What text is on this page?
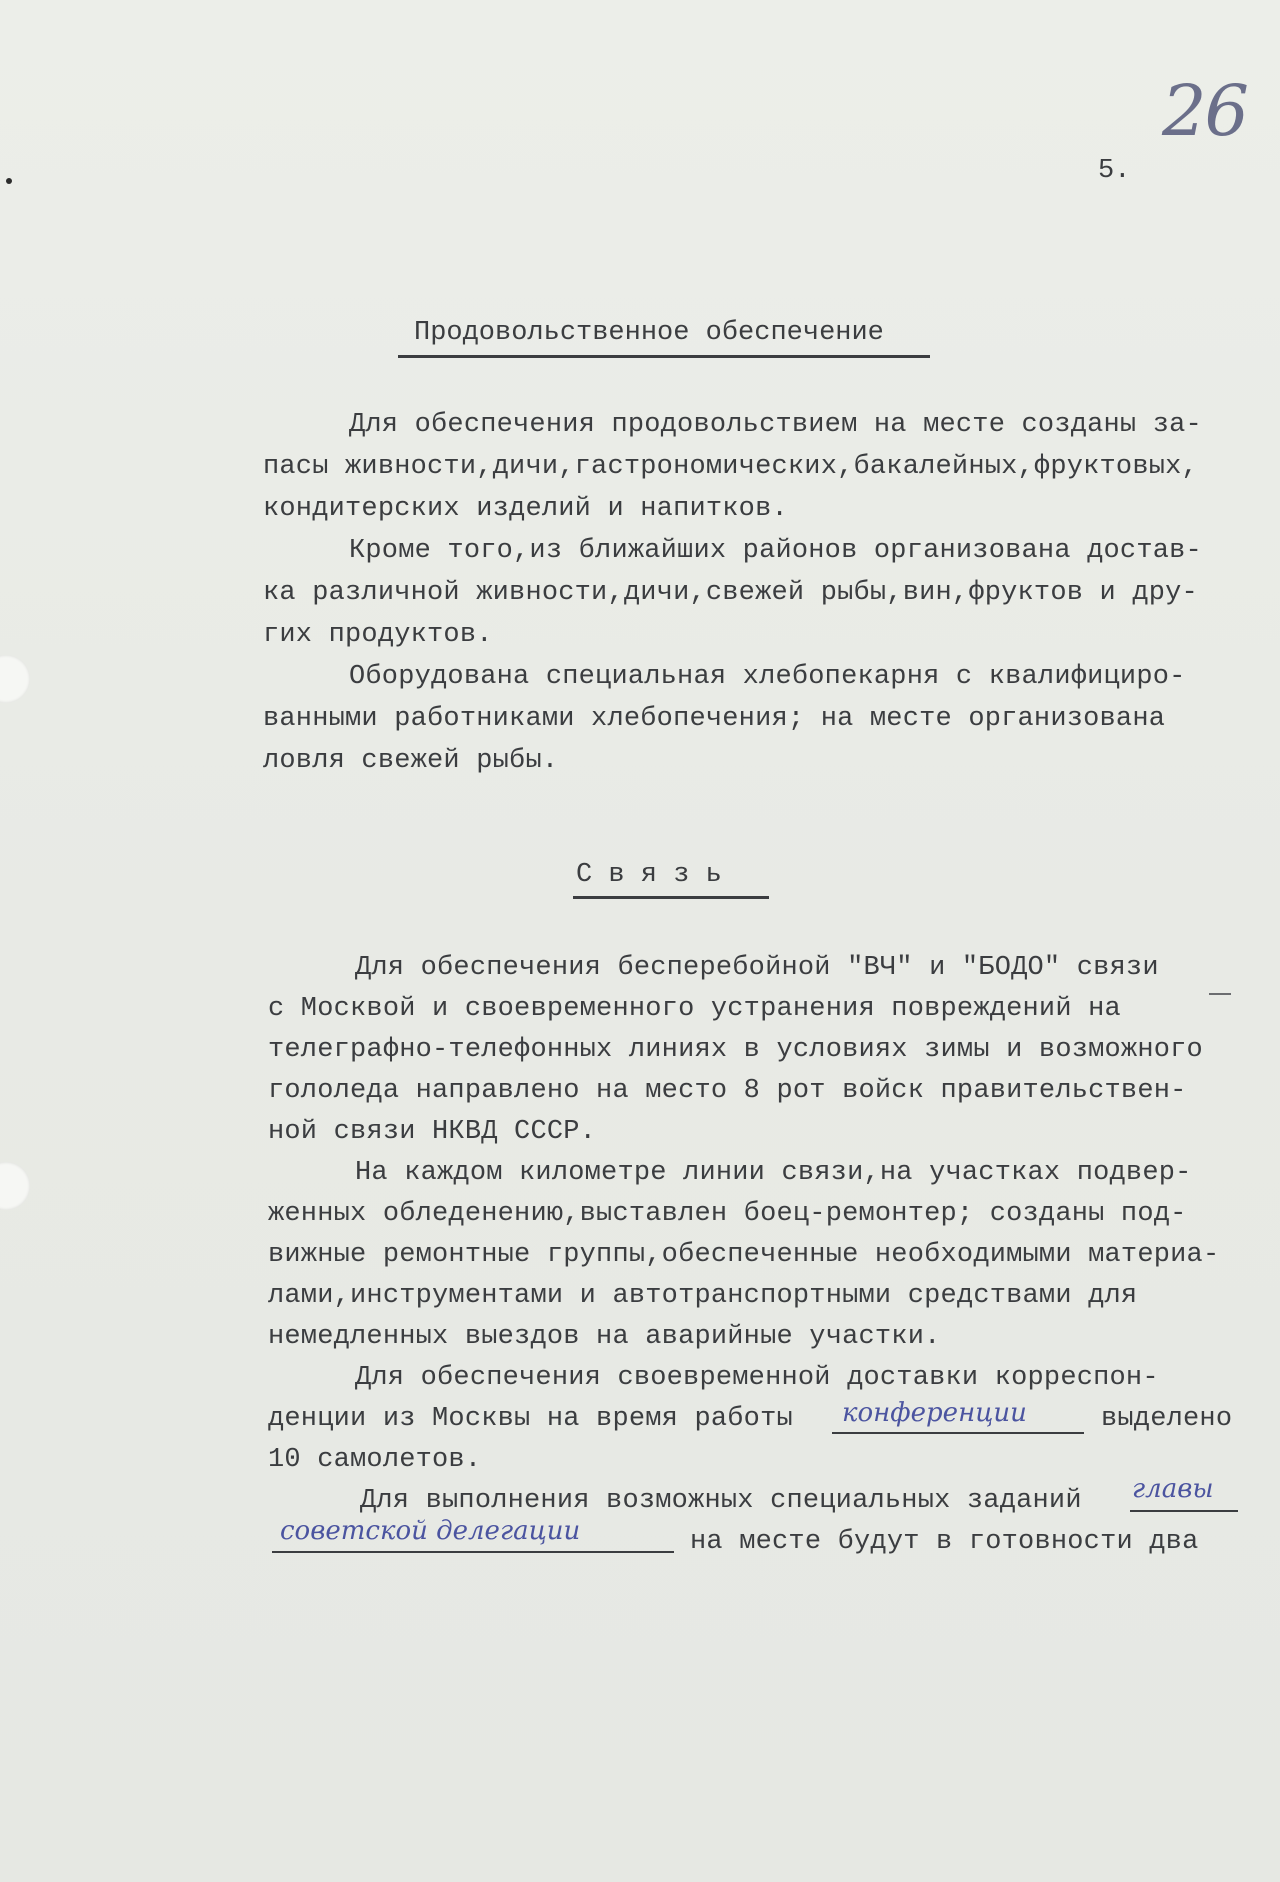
26
5.
Продовольственное обеспечение
Для обеспечения продовольствием на месте созданы за-
пасы живности,дичи,гастрономических,бакалейных,фруктовых,
кондитерских изделий и напитков.
Кроме того,из ближайших районов организована достав-
ка различной живности,дичи,свежей рыбы,вин,фруктов и дру-
гих продуктов.
Оборудована специальная хлебопекарня с квалифициро-
ванными работниками хлебопечения; на месте организована
ловля свежей рыбы.
С в я з ь
Для обеспечения бесперебойной "ВЧ" и "БОДО" связи
с Москвой и своевременного устранения повреждений на
телеграфно-телефонных линиях в условиях зимы и возможного
гололеда направлено на место 8 рот войск правительствен-
ной связи НКВД СССР.
На каждом километре линии связи,на участках подвер-
женных обледенению,выставлен боец-ремонтер; созданы под-
вижные ремонтные группы,обеспеченные необходимыми материа-
лами,инструментами и автотранспортными средствами для
немедленных выездов на аварийные участки.
Для обеспечения своевременной доставки корреспон-
денции из Москвы на время работы конференции	выделено
10 самолетов.
Для выполнения возможных специальных заданий главы
советской делегации	на месте будут в готовности два
